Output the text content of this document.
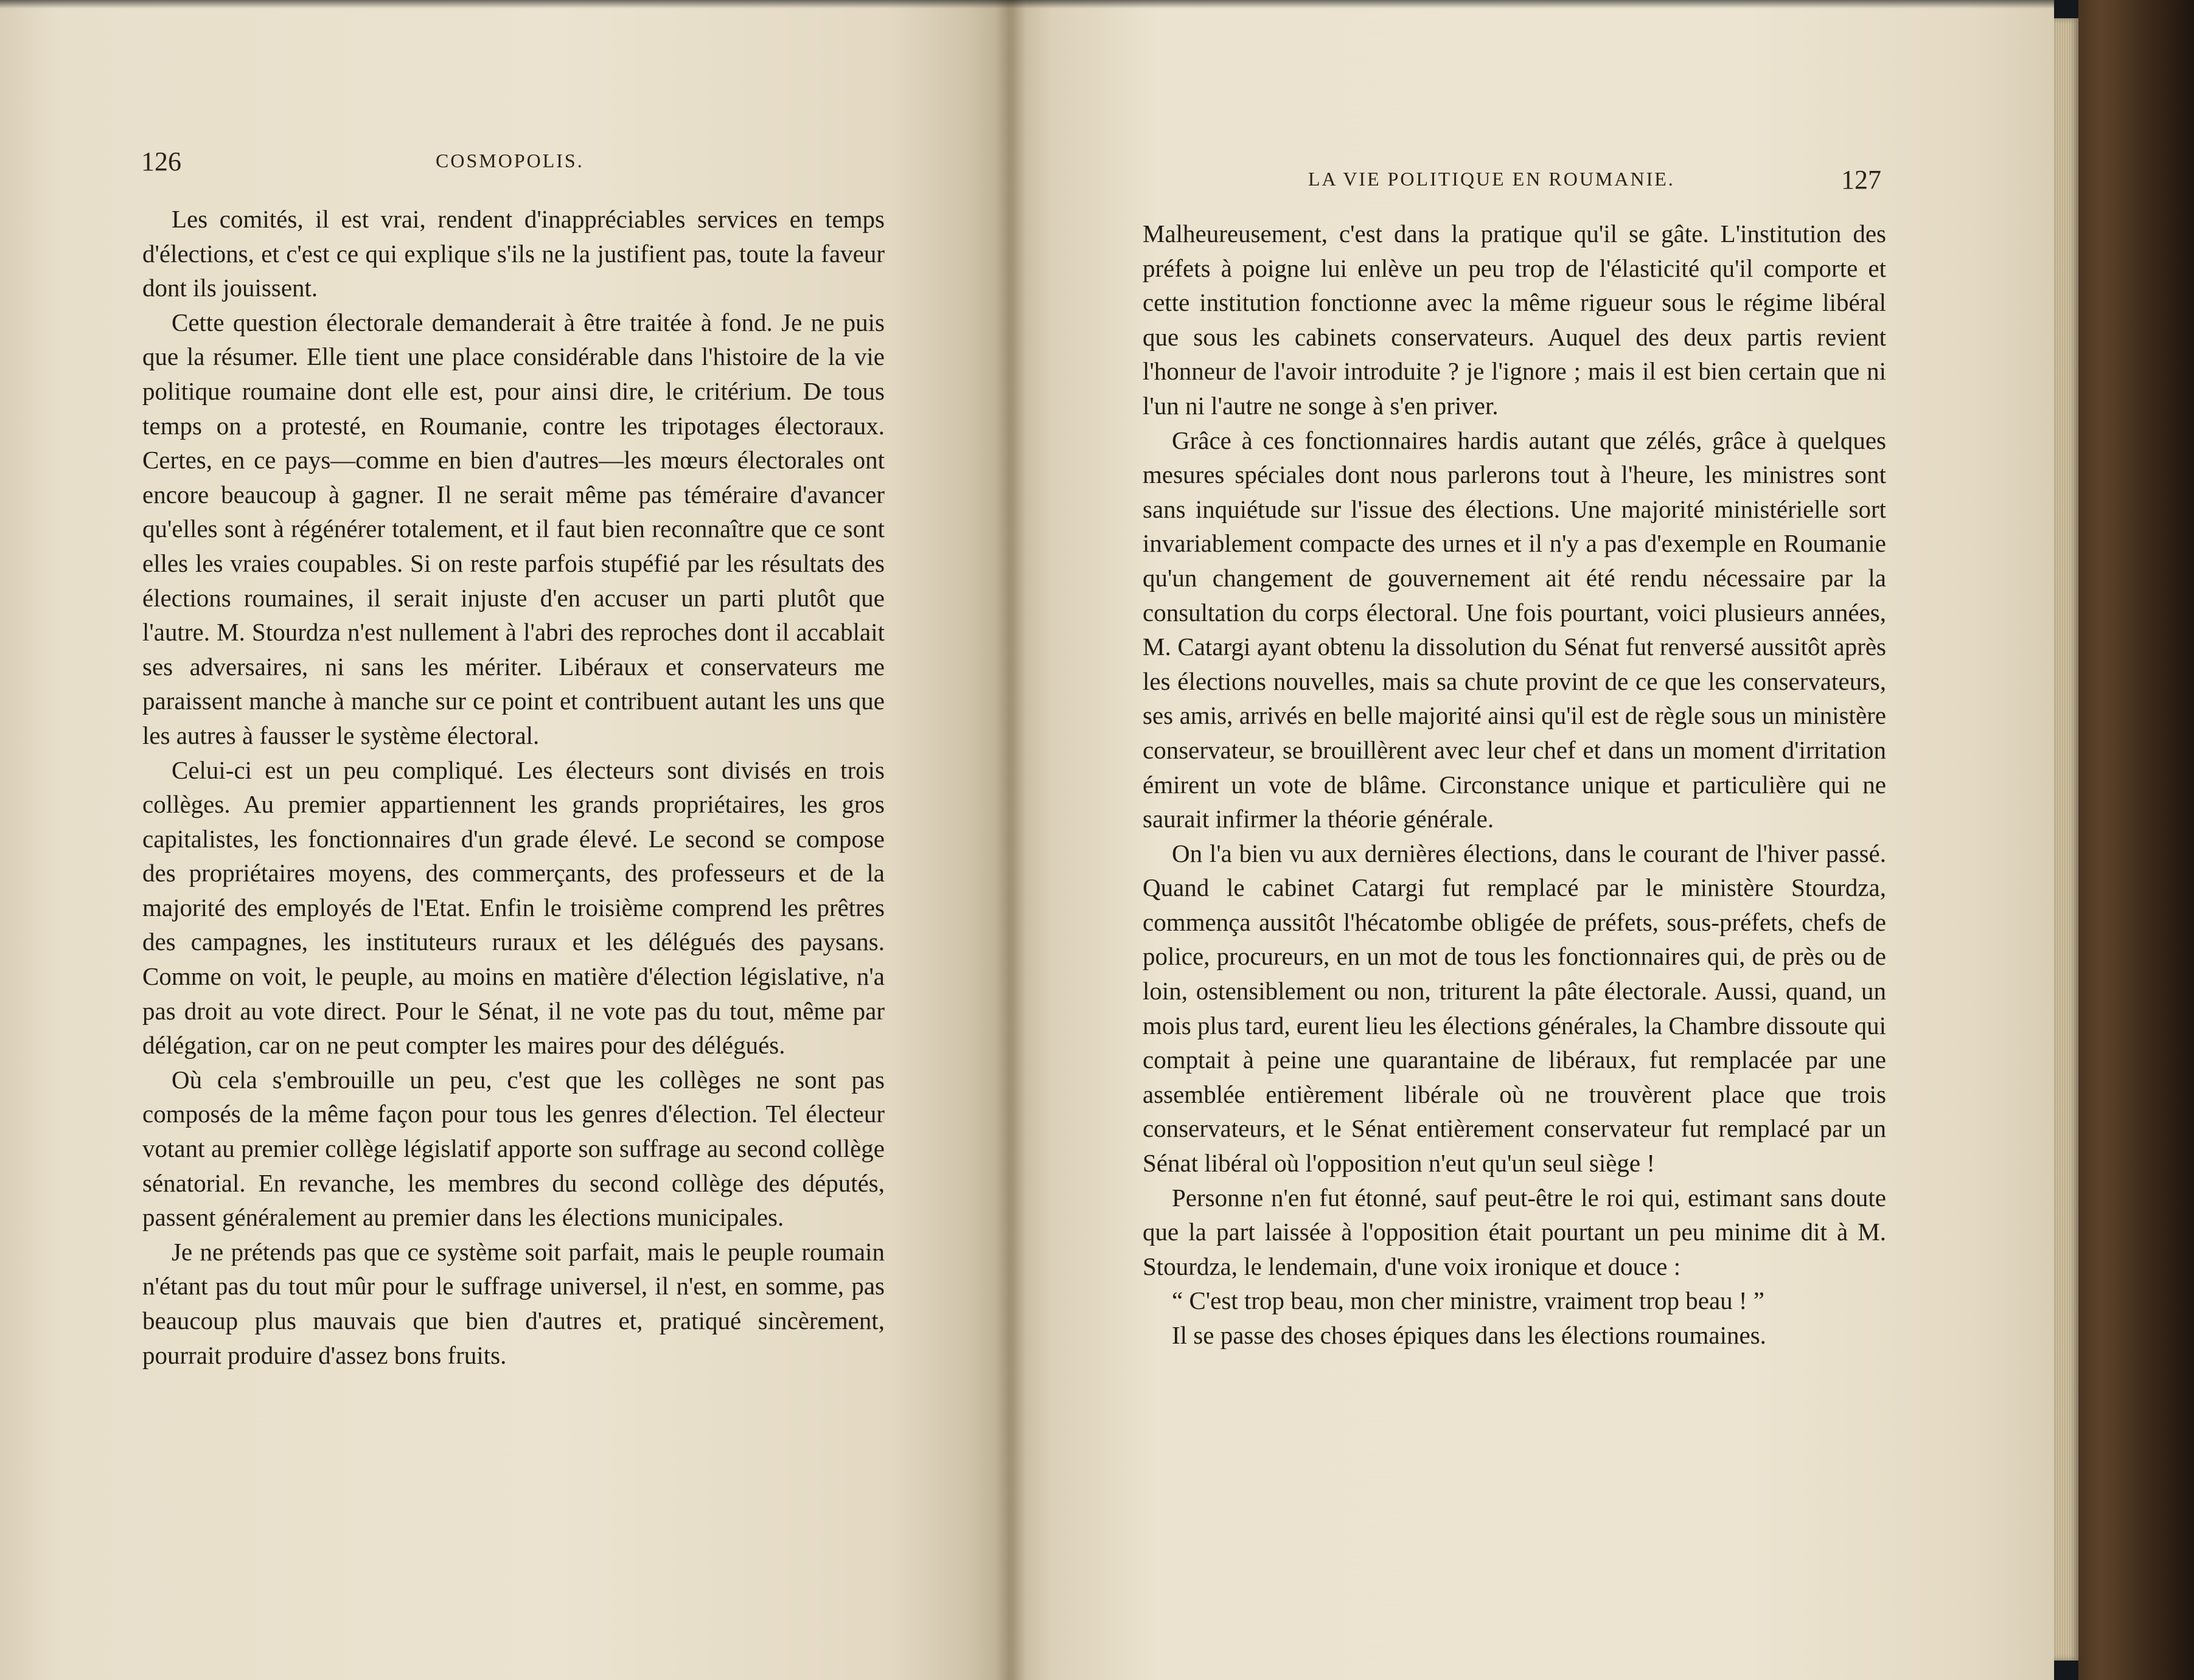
126	COSMOPOLIS.

Les comités, il est vrai, rendent d'inappréciables services en temps d'élections, et c'est ce qui explique s'ils ne la justifient pas, toute la faveur dont ils jouissent.

Cette question électorale demanderait à être traitée à fond. Je ne puis que la résumer. Elle tient une place considérable dans l'histoire de la vie politique roumaine dont elle est, pour ainsi dire, le critérium. De tous temps on a protesté, en Roumanie, contre les tripotages électoraux. Certes, en ce pays—comme en bien d'autres—les mœurs électorales ont encore beaucoup à gagner. Il ne serait même pas téméraire d'avancer qu'elles sont à régénérer totalement, et il faut bien reconnaître que ce sont elles les vraies coupables. Si on reste parfois stupéfié par les résultats des élections roumaines, il serait injuste d'en accuser un parti plutôt que l'autre. M. Stourdza n'est nullement à l'abri des reproches dont il accablait ses adversaires, ni sans les mériter. Libéraux et conservateurs me paraissent manche à manche sur ce point et contribuent autant les uns que les autres à fausser le système électoral.

Celui-ci est un peu compliqué. Les électeurs sont divisés en trois collèges. Au premier appartiennent les grands propriétaires, les gros capitalistes, les fonctionnaires d'un grade élevé. Le second se compose des propriétaires moyens, des commerçants, des professeurs et de la majorité des employés de l'Etat. Enfin le troisième comprend les prêtres des campagnes, les instituteurs ruraux et les délégués des paysans. Comme on voit, le peuple, au moins en matière d'élection législative, n'a pas droit au vote direct. Pour le Sénat, il ne vote pas du tout, même par délégation, car on ne peut compter les maires pour des délégués.

Où cela s'embrouille un peu, c'est que les collèges ne sont pas composés de la même façon pour tous les genres d'élection. Tel électeur votant au premier collège législatif apporte son suffrage au second collège sénatorial. En revanche, les membres du second collège des députés, passent généralement au premier dans les élections municipales.

Je ne prétends pas que ce système soit parfait, mais le peuple roumain n'étant pas du tout mûr pour le suffrage universel, il n'est, en somme, pas beaucoup plus mauvais que bien d'autres et, pratiqué sincèrement, pourrait produire d'assez bons fruits.

LA VIE POLITIQUE EN ROUMANIE.	127

Malheureusement, c'est dans la pratique qu'il se gâte. L'institution des préfets à poigne lui enlève un peu trop de l'élasticité qu'il comporte et cette institution fonctionne avec la même rigueur sous le régime libéral que sous les cabinets conservateurs. Auquel des deux partis revient l'honneur de l'avoir introduite ? je l'ignore ; mais il est bien certain que ni l'un ni l'autre ne songe à s'en priver.

Grâce à ces fonctionnaires hardis autant que zélés, grâce à quelques mesures spéciales dont nous parlerons tout à l'heure, les ministres sont sans inquiétude sur l'issue des élections. Une majorité ministérielle sort invariablement compacte des urnes et il n'y a pas d'exemple en Roumanie qu'un changement de gouvernement ait été rendu nécessaire par la consultation du corps électoral. Une fois pourtant, voici plusieurs années, M. Catargi ayant obtenu la dissolution du Sénat fut renversé aussitôt après les élections nouvelles, mais sa chute provint de ce que les conservateurs, ses amis, arrivés en belle majorité ainsi qu'il est de règle sous un ministère conservateur, se brouillèrent avec leur chef et dans un moment d'irritation émirent un vote de blâme. Circonstance unique et particulière qui ne saurait infirmer la théorie générale.

On l'a bien vu aux dernières élections, dans le courant de l'hiver passé. Quand le cabinet Catargi fut remplacé par le ministère Stourdza, commença aussitôt l'hécatombe obligée de préfets, sous-préfets, chefs de police, procureurs, en un mot de tous les fonctionnaires qui, de près ou de loin, ostensiblement ou non, triturent la pâte électorale. Aussi, quand, un mois plus tard, eurent lieu les élections générales, la Chambre dissoute qui comptait à peine une quarantaine de libéraux, fut remplacée par une assemblée entièrement libérale où ne trouvèrent place que trois conservateurs, et le Sénat entièrement conservateur fut remplacé par un Sénat libéral où l'opposition n'eut qu'un seul siège !

Personne n'en fut étonné, sauf peut-être le roi qui, estimant sans doute que la part laissée à l'opposition était pourtant un peu minime dit à M. Stourdza, le lendemain, d'une voix ironique et douce :

“ C'est trop beau, mon cher ministre, vraiment trop beau ! ”

Il se passe des choses épiques dans les élections roumaines.
